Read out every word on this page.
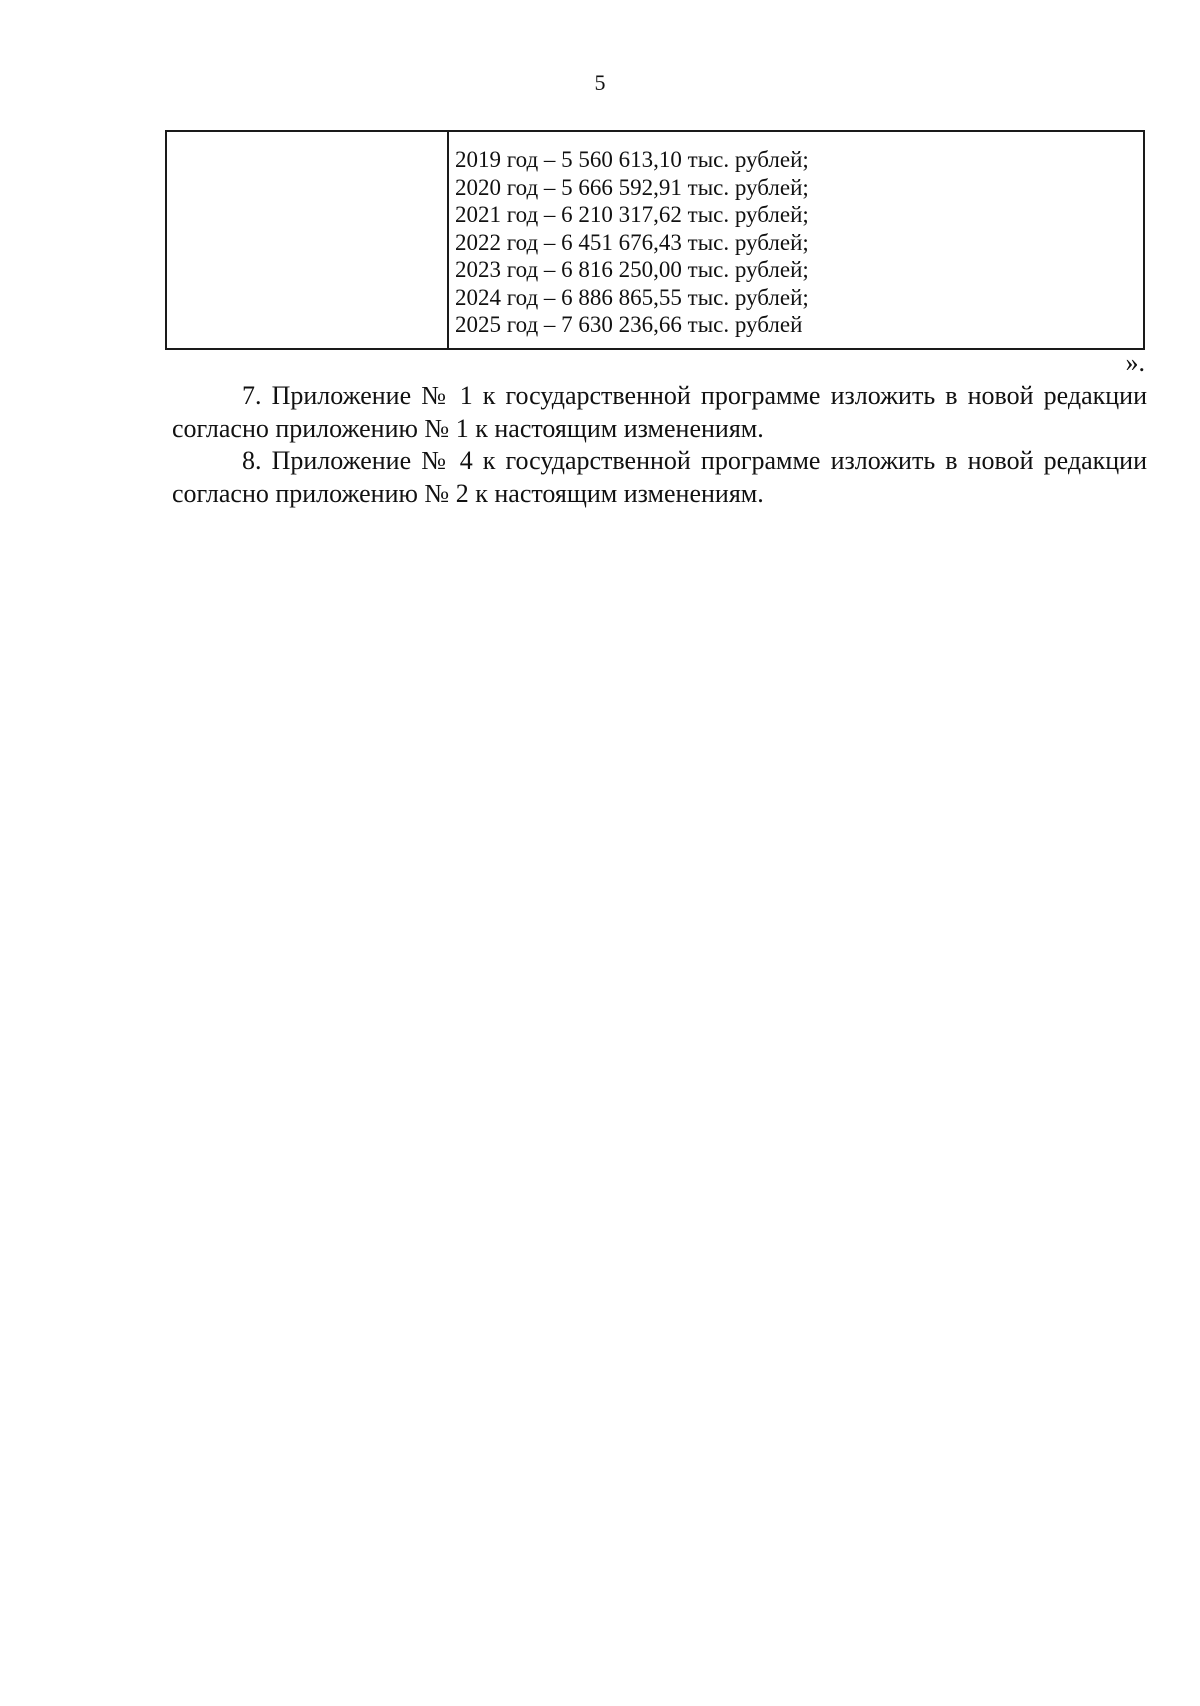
5

2019 год – 5 560 613,10 тыс. рублей;
2020 год – 5 666 592,91 тыс. рублей;
2021 год – 6 210 317,62 тыс. рублей;
2022 год – 6 451 676,43 тыс. рублей;
2023 год – 6 816 250,00 тыс. рублей;
2024 год – 6 886 865,55 тыс. рублей;
2025 год – 7 630 236,66 тыс. рублей
».

7. Приложение № 1 к государственной программе изложить в новой редакции согласно приложению № 1 к настоящим изменениям.

8. Приложение № 4 к государственной программе изложить в новой редакции согласно приложению № 2 к настоящим изменениям.
